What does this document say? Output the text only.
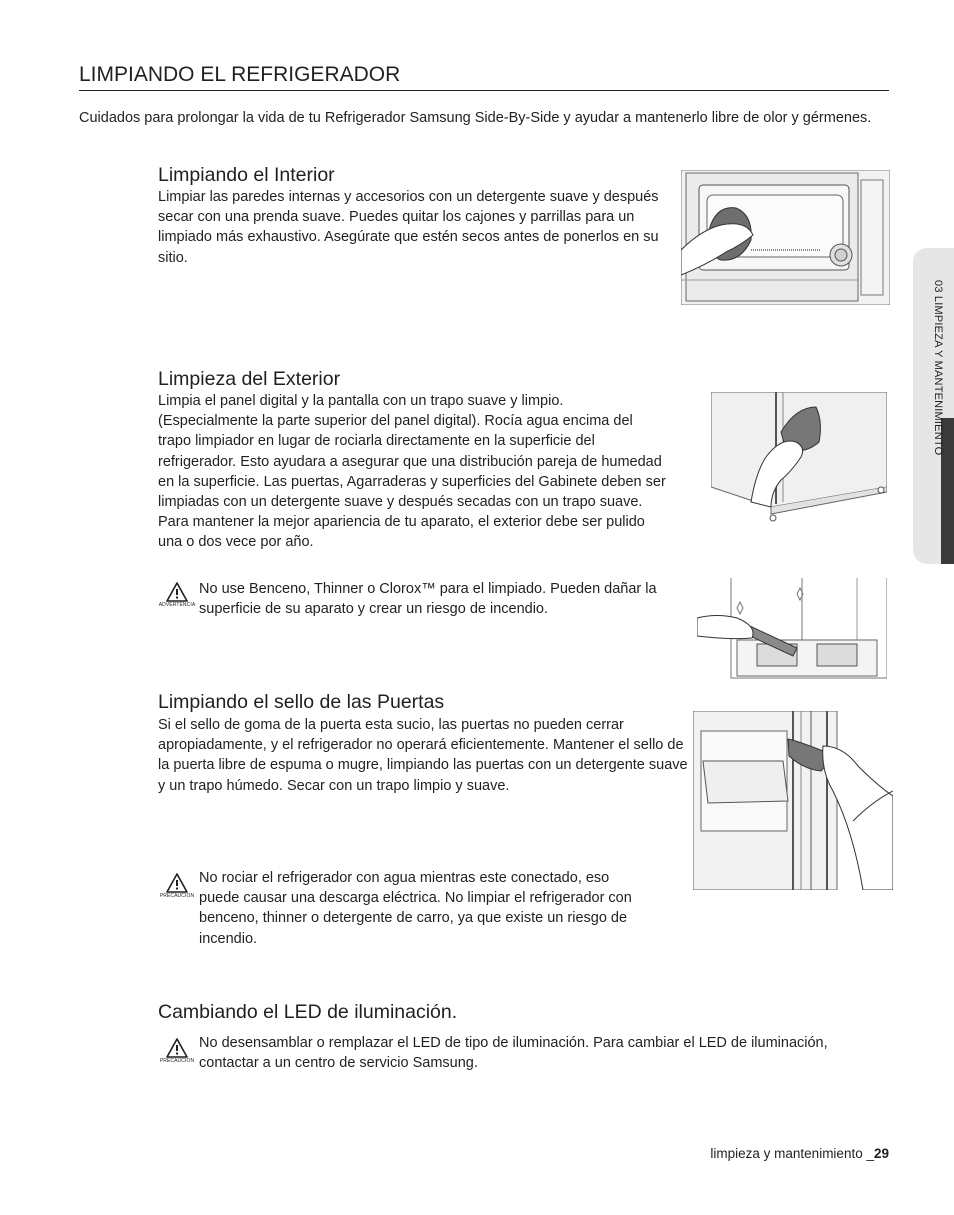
LIMPIANDO EL REFRIGERADOR
Cuidados para prolongar la vida de tu Refrigerador Samsung Side-By-Side y ayudar a mantenerlo libre de olor y gérmenes.
Limpiando el Interior
Limpiar las paredes internas y accesorios con un detergente suave y después secar con una prenda suave. Puedes quitar los cajones y parrillas para un limpiado más exhaustivo. Asegúrate que estén secos antes de ponerlos en su sitio.
Limpieza del Exterior
Limpia el panel digital y la pantalla con un trapo suave y limpio. (Especialmente la parte superior del panel digital). Rocía agua encima del trapo limpiador en lugar de rociarla directamente en la superficie del refrigerador. Esto ayudara a asegurar que una distribución pareja de humedad en la superficie. Las puertas, Agarraderas y superficies del Gabinete deben ser limpiadas con un detergente suave y después secadas con un trapo suave. Para mantener la mejor apariencia de tu aparato, el exterior debe ser pulido una o dos vece por año.
ADVERTENCIA
No use Benceno, Thinner o Clorox™ para el limpiado. Pueden dañar la superficie de su aparato y crear un riesgo de incendio.
Limpiando el sello de las Puertas
Si el sello de goma de la puerta esta sucio, las puertas no pueden cerrar apropiadamente, y el refrigerador no operará eficientemente. Mantener el sello de la puerta libre de espuma o mugre, limpiando las puertas con un detergente suave y un trapo húmedo. Secar con un trapo limpio y suave.
PRECAUCION
No rociar el refrigerador con agua mientras este conectado, eso puede causar una descarga eléctrica. No limpiar el refrigerador con benceno, thinner o detergente de carro, ya que existe un riesgo de incendio.
Cambiando el LED de iluminación.
PRECAUCION
No desensamblar o remplazar el LED de tipo de iluminación. Para cambiar el LED de iluminación, contactar a un centro de servicio Samsung.
03 LIMPIEZA Y MANTENIMIENTO
limpieza y mantenimiento _29
